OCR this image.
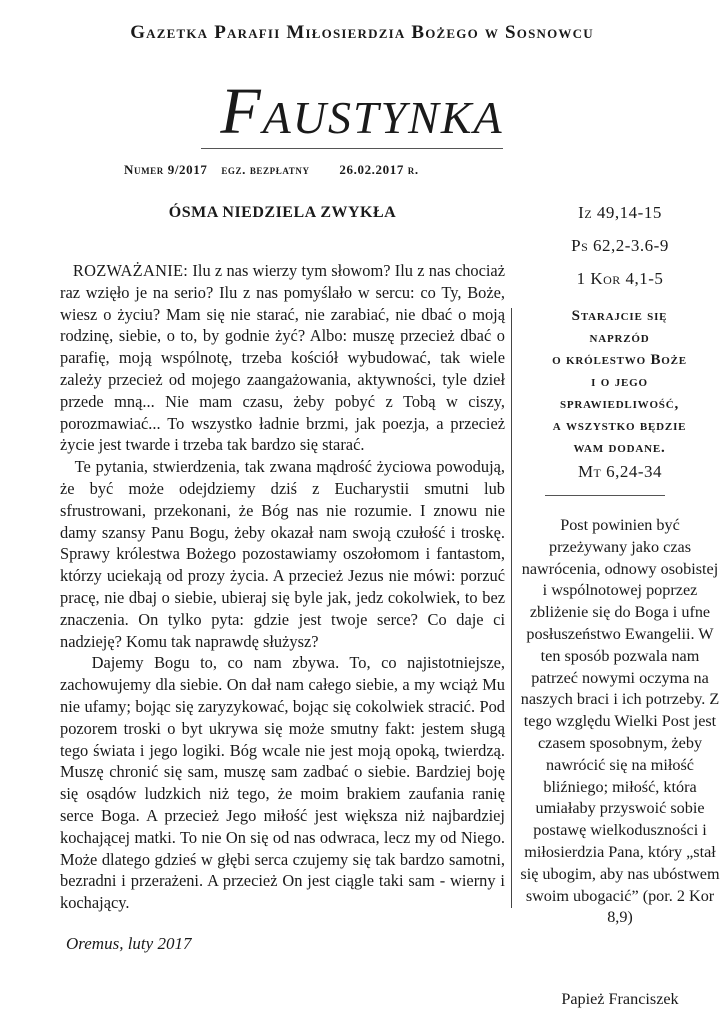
Gazetka Parafii Miłosierdzia Bożego w Sosnowcu
Faustynka
Numer 9/2017 egz. bezpłatny 26.02.2017 r.
ÓSMA NIEDZIELA ZWYKŁA

ROZWAŻANIE: Ilu z nas wierzy tym słowom? Ilu z nas chociaż raz wzięło je na serio? Ilu z nas pomyślało w sercu: co Ty, Boże, wiesz o życiu? Mam się nie starać, nie zarabiać, nie dbać o moją rodzinę, siebie, o to, by godnie żyć? Albo: muszę przecież dbać o parafię, moją wspólnotę, trzeba kościół wybudować, tak wiele zależy przecież od mojego zaangażowania, aktywności, tyle dzieł przede mną... Nie mam czasu, żeby pobyć z Tobą w ciszy, porozmawiać... To wszystko ładnie brzmi, jak poezja, a przecież życie jest twarde i trzeba tak bardzo się starać.

Te pytania, stwierdzenia, tak zwana mądrość życiowa powodują, że być może odejdziemy dziś z Eucharystii smutni lub sfrustrowani, przekonani, że Bóg nas nie rozumie. I znowu nie damy szansy Panu Bogu, żeby okazał nam swoją czułość i troskę. Sprawy królestwa Bożego pozostawiamy oszołomom i fantastom, którzy uciekają od prozy życia. A przecież Jezus nie mówi: porzuć pracę, nie dbaj o siebie, ubieraj się byle jak, jedz cokolwiek, to bez znaczenia. On tylko pyta: gdzie jest twoje serce? Co daje ci nadzieję? Komu tak naprawdę służysz?

Dajemy Bogu to, co nam zbywa. To, co najistotniejsze, zachowujemy dla siebie. On dał nam całego siebie, a my wciąż Mu nie ufamy; bojąc się zaryzykować, bojąc się cokolwiek stracić. Pod pozorem troski o byt ukrywa się może smutny fakt: jestem sługą tego świata i jego logiki. Bóg wcale nie jest moją opoką, twierdzą. Muszę chronić się sam, muszę sam zadbać o siebie. Bardziej boję się osądów ludzkich niż tego, że moim brakiem zaufania ranię serce Boga. A przecież Jego miłość jest większa niż najbardziej kochającej matki. To nie On się od nas odwraca, lecz my od Niego. Może dlatego gdzieś w głębi serca czujemy się tak bardzo samotni, bezradni i przerażeni. A przecież On jest ciągle taki sam - wierny i kochający.

Oremus, luty 2017
Iz 49,14-15
Ps 62,2-3.6-9
1 Kor 4,1-5
Starajcie się
naprzód
o królestwo Boże
i o jego
sprawiedliwość,
a wszystko będzie
wam dodane.
Mt 6,24-34
Post powinien być przeżywany jako czas nawrócenia, odnowy osobistej i wspólnotowej poprzez zbliżenie się do Boga i ufne posłuszeństwo Ewangelii. W ten sposób pozwala nam patrzeć nowymi oczyma na naszych braci i ich potrzeby. Z tego względu Wielki Post jest czasem sposobnym, żeby nawrócić się na miłość bliźniego; miłość, która umiałaby przyswoić sobie postawę wielkoduszności i miłosierdzia Pana, który „stał się ubogim, aby nas ubóstwem swoim ubogacić” (por. 2 Kor 8,9)
Papież Franciszek
